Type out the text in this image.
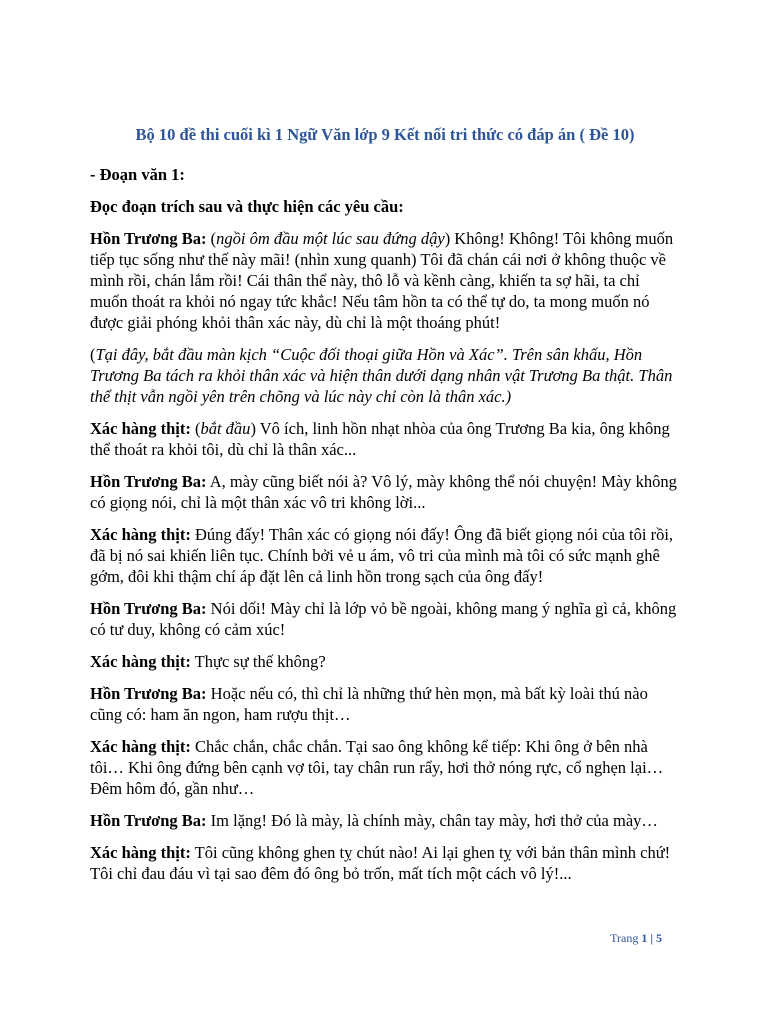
Bộ 10 đề thi cuối kì 1 Ngữ Văn lớp 9 Kết nối tri thức có đáp án ( Đề 10)

- Đoạn văn 1:

Đọc đoạn trích sau và thực hiện các yêu cầu:

Hồn Trương Ba: (ngồi ôm đầu một lúc sau đứng dậy) Không! Không! Tôi không muốn tiếp tục sống như thế này mãi! (nhìn xung quanh) Tôi đã chán cái nơi ở không thuộc về mình rồi, chán lắm rồi! Cái thân thể này, thô lỗ và kềnh càng, khiến ta sợ hãi, ta chỉ muốn thoát ra khỏi nó ngay tức khắc! Nếu tâm hồn ta có thể tự do, ta mong muốn nó được giải phóng khỏi thân xác này, dù chỉ là một thoáng phút!

(Tại đây, bắt đầu màn kịch “Cuộc đối thoại giữa Hồn và Xác”. Trên sân khấu, Hồn Trương Ba tách ra khỏi thân xác và hiện thân dưới dạng nhân vật Trương Ba thật. Thân thể thịt vẫn ngồi yên trên chõng và lúc này chỉ còn là thân xác.)

Xác hàng thịt: (bắt đầu) Vô ích, linh hồn nhạt nhòa của ông Trương Ba kia, ông không thể thoát ra khỏi tôi, dù chỉ là thân xác...

Hồn Trương Ba: A, mày cũng biết nói à? Vô lý, mày không thể nói chuyện! Mày không có giọng nói, chỉ là một thân xác vô tri không lời...

Xác hàng thịt: Đúng đấy! Thân xác có giọng nói đấy! Ông đã biết giọng nói của tôi rồi, đã bị nó sai khiến liên tục. Chính bởi vẻ u ám, vô tri của mình mà tôi có sức mạnh ghê gớm, đôi khi thậm chí áp đặt lên cả linh hồn trong sạch của ông đấy!

Hồn Trương Ba: Nói dối! Mày chỉ là lớp vỏ bề ngoài, không mang ý nghĩa gì cả, không có tư duy, không có cảm xúc!

Xác hàng thịt: Thực sự thế không?

Hồn Trương Ba: Hoặc nếu có, thì chỉ là những thứ hèn mọn, mà bất kỳ loài thú nào cũng có: ham ăn ngon, ham rượu thịt…

Xác hàng thịt: Chắc chắn, chắc chắn. Tại sao ông không kể tiếp: Khi ông ở bên nhà tôi… Khi ông đứng bên cạnh vợ tôi, tay chân run rẩy, hơi thở nóng rực, cổ nghẹn lại… Đêm hôm đó, gần như…

Hồn Trương Ba: Im lặng! Đó là mày, là chính mày, chân tay mày, hơi thở của mày…

Xác hàng thịt: Tôi cũng không ghen tỵ chút nào! Ai lại ghen tỵ với bản thân mình chứ! Tôi chỉ đau đáu vì tại sao đêm đó ông bỏ trốn, mất tích một cách vô lý!...

Trang 1 | 5
